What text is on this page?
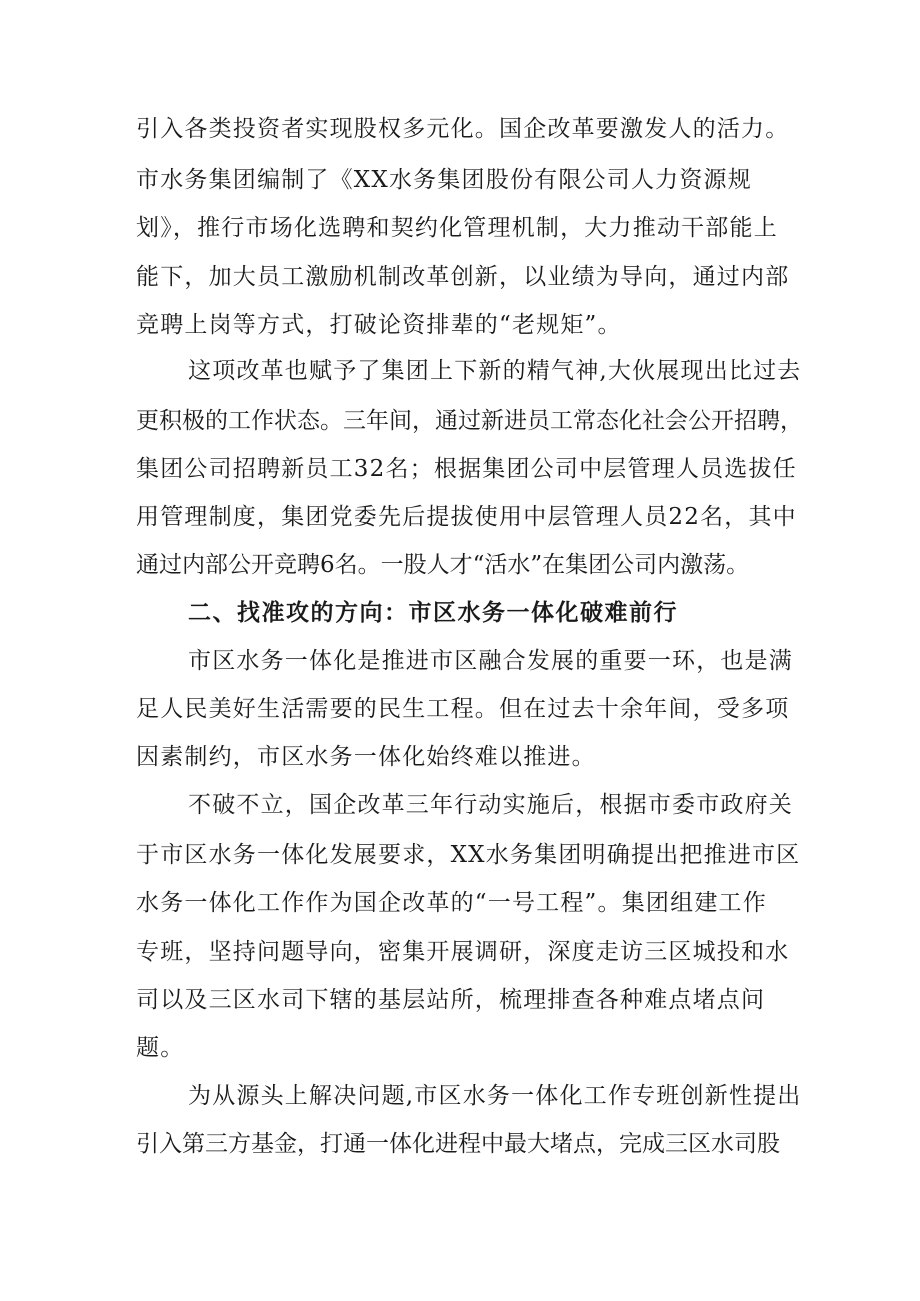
引入各类投资者实现股权多元化。国企改革要激发人的活力。
市水务集团编制了《XX水务集团股份有限公司人力资源规
划》，推行市场化选聘和契约化管理机制，大力推动干部能上
能下，加大员工激励机制改革创新，以业绩为导向，通过内部
竞聘上岗等方式，打破论资排辈的“老规矩”。
这项改革也赋予了集团上下新的精气神,大伙展现出比过去
更积极的工作状态。三年间，通过新进员工常态化社会公开招聘，
集团公司招聘新员工32名；根据集团公司中层管理人员选拔任
用管理制度，集团党委先后提拔使用中层管理人员22名，其中
通过内部公开竞聘6名。一股人才“活水”在集团公司内激荡。
二、找准攻的方向：市区水务一体化破难前行
市区水务一体化是推进市区融合发展的重要一环，也是满
足人民美好生活需要的民生工程。但在过去十余年间，受多项
因素制约，市区水务一体化始终难以推进。
不破不立，国企改革三年行动实施后，根据市委市政府关
于市区水务一体化发展要求，XX水务集团明确提出把推进市区
水务一体化工作作为国企改革的“一号工程”。集团组建工作
专班，坚持问题导向，密集开展调研，深度走访三区城投和水
司以及三区水司下辖的基层站所，梳理排查各种难点堵点问
题。
为从源头上解决问题,市区水务一体化工作专班创新性提出
引入第三方基金，打通一体化进程中最大堵点，完成三区水司股
